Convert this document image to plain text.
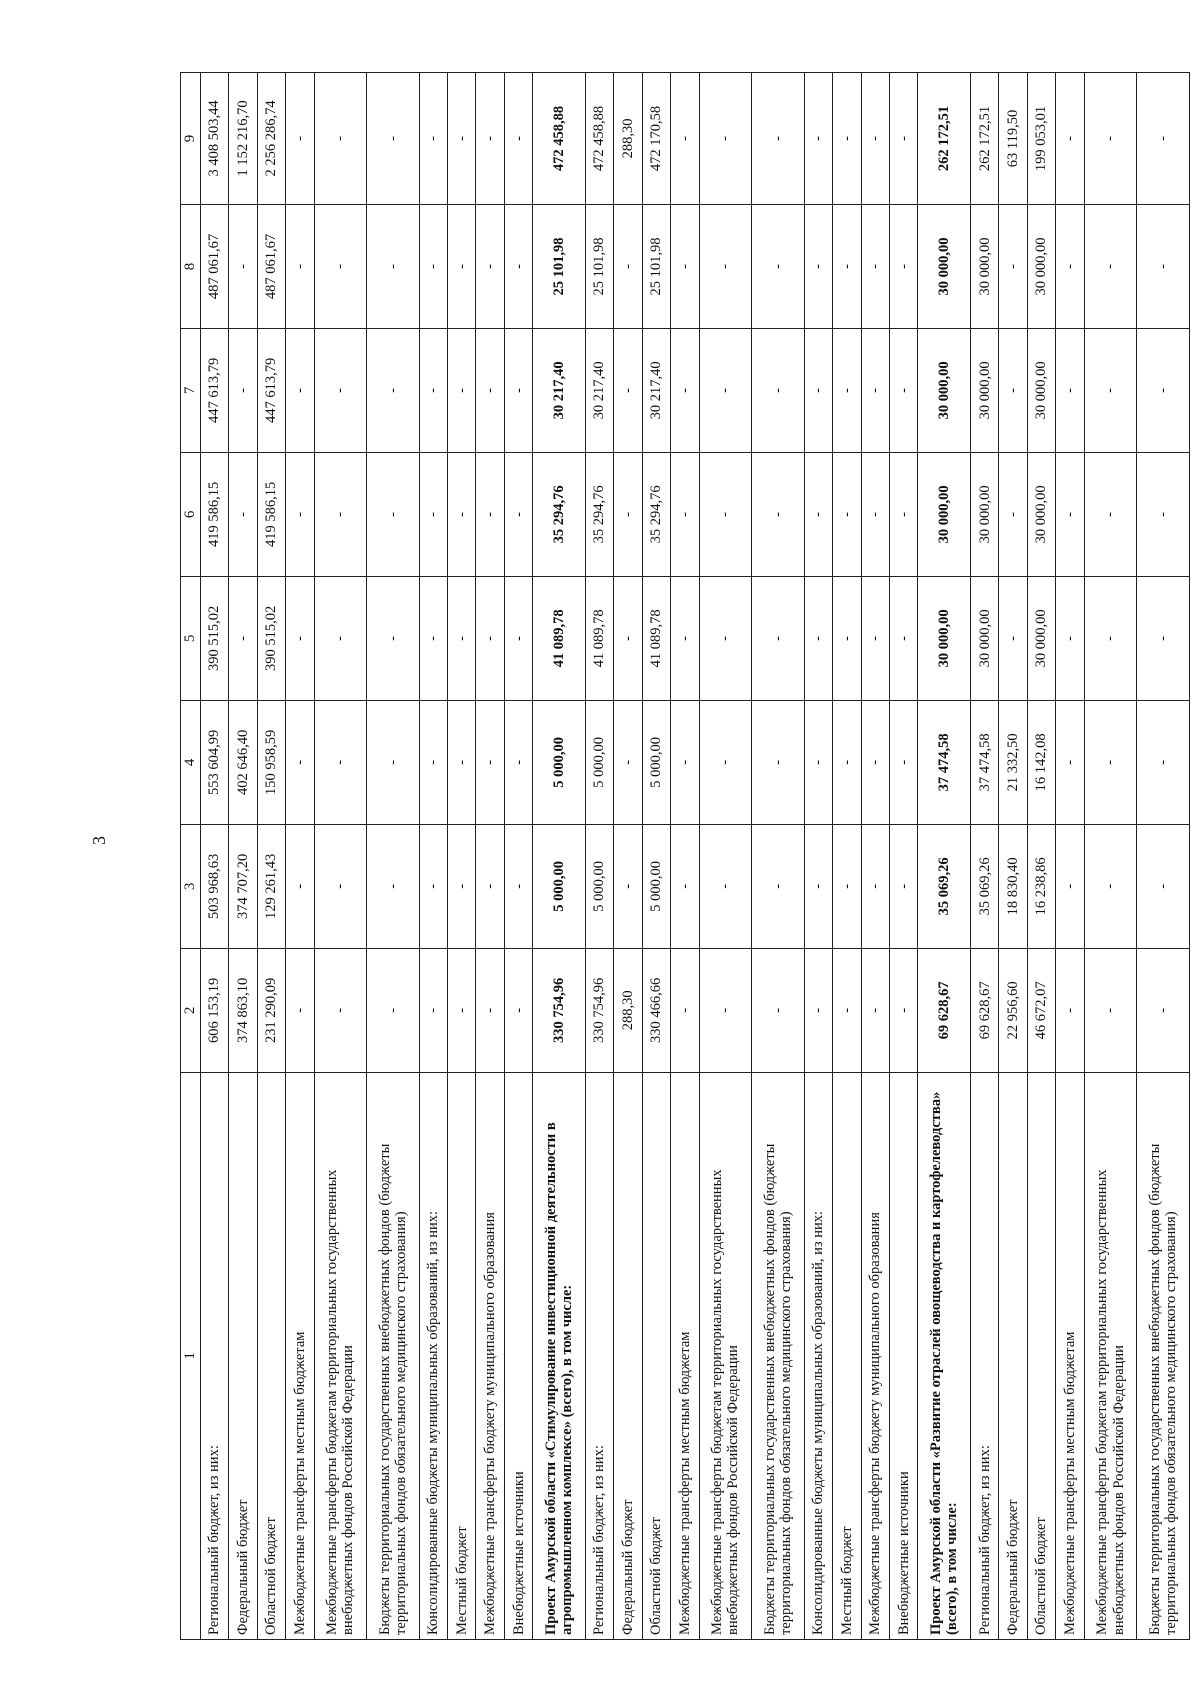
3
1	2	3	4	5	6	7	8	9
Региональный бюджет, из них:	606 153,19	503 968,63	553 604,99	390 515,02	419 586,15	447 613,79	487 061,67	3 408 503,44
Федеральный бюджет	374 863,10	374 707,20	402 646,40	-	-	-	-	1 152 216,70
Областной бюджет	231 290,09	129 261,43	150 958,59	390 515,02	419 586,15	447 613,79	487 061,67	2 256 286,74
Межбюджетные трансферты местным бюджетам	-	-	-	-	-	-	-	-
Межбюджетные трансферты бюджетам территориальных государственных внебюджетных фондов Российской Федерации	-	-	-	-	-	-	-	-
Бюджеты территориальных государственных внебюджетных фондов (бюджеты территориальных фондов обязательного медицинского страхования)	-	-	-	-	-	-	-	-
Консолидированные бюджеты муниципальных образований, из них:	-	-	-	-	-	-	-	-
Местный бюджет	-	-	-	-	-	-	-	-
Межбюджетные трансферты бюджету муниципального образования	-	-	-	-	-	-	-	-
Внебюджетные источники	-	-	-	-	-	-	-	-
Проект Амурской области «Стимулирование инвестиционной деятельности в агропромышленном комплексе» (всего), в том числе:	330 754,96	5 000,00	5 000,00	41 089,78	35 294,76	30 217,40	25 101,98	472 458,88
Региональный бюджет, из них:	330 754,96	5 000,00	5 000,00	41 089,78	35 294,76	30 217,40	25 101,98	472 458,88
Федеральный бюджет	288,30	-	-	-	-	-	-	288,30
Областной бюджет	330 466,66	5 000,00	5 000,00	41 089,78	35 294,76	30 217,40	25 101,98	472 170,58
Межбюджетные трансферты местным бюджетам	-	-	-	-	-	-	-	-
Межбюджетные трансферты бюджетам территориальных государственных внебюджетных фондов Российской Федерации	-	-	-	-	-	-	-	-
Бюджеты территориальных государственных внебюджетных фондов (бюджеты территориальных фондов обязательного медицинского страхования)	-	-	-	-	-	-	-	-
Консолидированные бюджеты муниципальных образований, из них:	-	-	-	-	-	-	-	-
Местный бюджет	-	-	-	-	-	-	-	-
Межбюджетные трансферты бюджету муниципального образования	-	-	-	-	-	-	-	-
Внебюджетные источники	-	-	-	-	-	-	-	-
Проект Амурской области «Развитие отраслей овощеводства и картофелеводства» (всего), в том числе:	69 628,67	35 069,26	37 474,58	30 000,00	30 000,00	30 000,00	30 000,00	262 172,51
Региональный бюджет, из них:	69 628,67	35 069,26	37 474,58	30 000,00	30 000,00	30 000,00	30 000,00	262 172,51
Федеральный бюджет	22 956,60	18 830,40	21 332,50	-	-	-	-	63 119,50
Областной бюджет	46 672,07	16 238,86	16 142,08	30 000,00	30 000,00	30 000,00	30 000,00	199 053,01
Межбюджетные трансферты местным бюджетам	-	-	-	-	-	-	-	-
Межбюджетные трансферты бюджетам территориальных государственных внебюджетных фондов Российской Федерации	-	-	-	-	-	-	-	-
Бюджеты территориальных государственных внебюджетных фондов (бюджеты территориальных фондов обязательного медицинского страхования)	-	-	-	-	-	-	-	-
